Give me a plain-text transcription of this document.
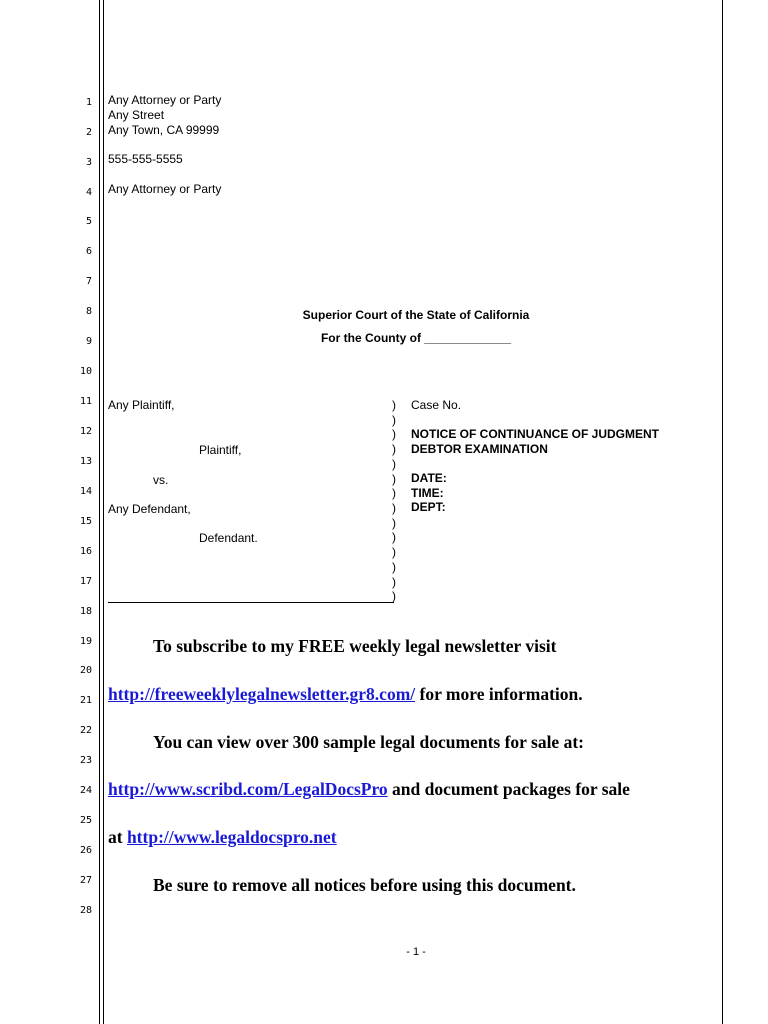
1
2
3
4
5
6
7
8
9
10
11
12
13
14
15
16
17
18
19
20
21
22
23
24
25
26
27
28
Any Attorney or Party
Any Street
Any Town, CA 99999
555-555-5555
Any Attorney or Party
Superior Court of the State of California
For the County of _____________
Any Plaintiff,
Plaintiff,
vs.
Any Defendant,
Defendant.
)
)
)
)
)
)
)
)
)
)
)
)
)
)
Case No.
NOTICE OF CONTINUANCE OF JUDGMENT
DEBTOR EXAMINATION
DATE:
TIME:
DEPT:
To subscribe to my FREE weekly legal newsletter visit
http://freeweeklylegalnewsletter.gr8.com/ for more information.
You can view over 300 sample legal documents for sale at:
http://www.scribd.com/LegalDocsPro and document packages for sale
at http://www.legaldocspro.net
Be sure to remove all notices before using this document.
- 1 -
